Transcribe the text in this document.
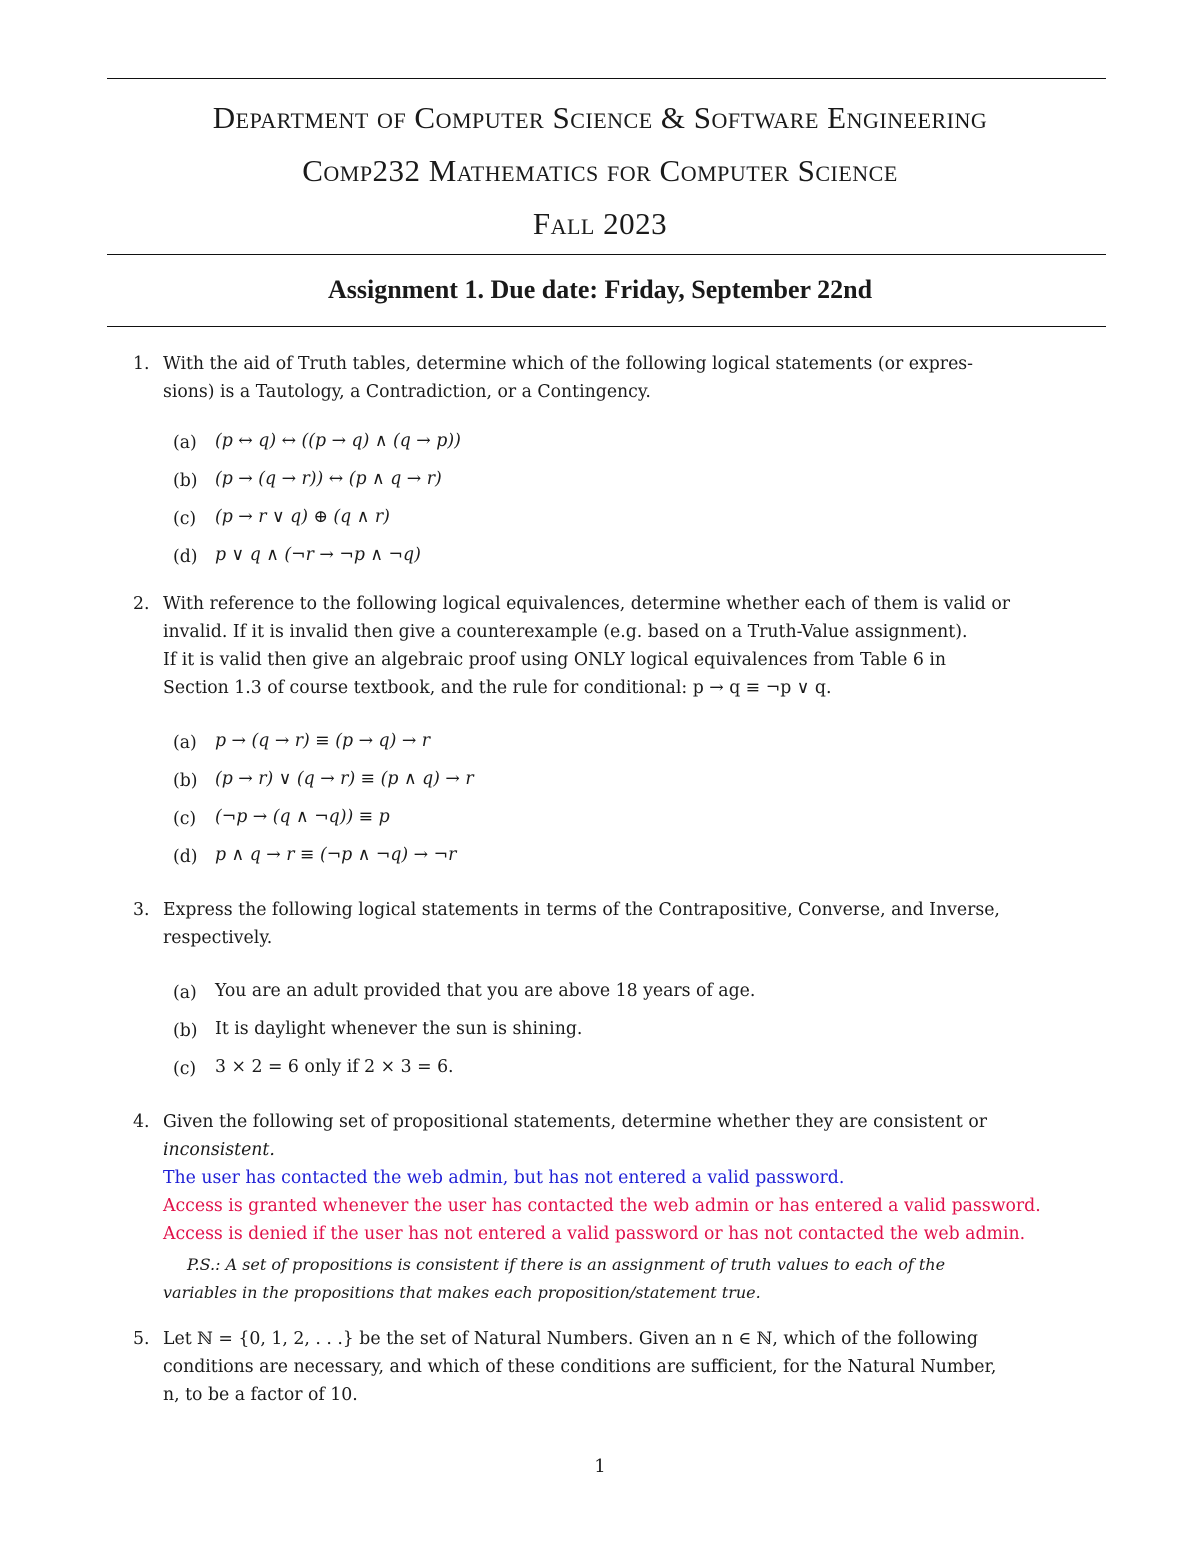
Department of Computer Science & Software Engineering
Comp232 Mathematics for Computer Science
Fall 2023
Assignment 1. Due date: Friday, September 22nd
1. With the aid of Truth tables, determine which of the following logical statements (or expres-
sions) is a Tautology, a Contradiction, or a Contingency.
(a) (p ↔ q) ↔ ((p → q) ∧ (q → p))
(b) (p → (q → r)) ↔ (p ∧ q → r)
(c) (p → r ∨ q) ⊕ (q ∧ r)
(d) p ∨ q ∧ (¬r → ¬p ∧ ¬q)
2. With reference to the following logical equivalences, determine whether each of them is valid or
invalid. If it is invalid then give a counterexample (e.g. based on a Truth-Value assignment).
If it is valid then give an algebraic proof using ONLY logical equivalences from Table 6 in
Section 1.3 of course textbook, and the rule for conditional: p → q ≡ ¬p ∨ q.
(a) p → (q → r) ≡ (p → q) → r
(b) (p → r) ∨ (q → r) ≡ (p ∧ q) → r
(c) (¬p → (q ∧ ¬q)) ≡ p
(d) p ∧ q → r ≡ (¬p ∧ ¬q) → ¬r
3. Express the following logical statements in terms of the Contrapositive, Converse, and Inverse,
respectively.
(a) You are an adult provided that you are above 18 years of age.
(b) It is daylight whenever the sun is shining.
(c) 3 × 2 = 6 only if 2 × 3 = 6.
4. Given the following set of propositional statements, determine whether they are consistent or
inconsistent.
The user has contacted the web admin, but has not entered a valid password.
Access is granted whenever the user has contacted the web admin or has entered a valid password.
Access is denied if the user has not entered a valid password or has not contacted the web admin.
P.S.: A set of propositions is consistent if there is an assignment of truth values to each of the
variables in the propositions that makes each proposition/statement true.
5. Let ℕ = {0, 1, 2, . . .} be the set of Natural Numbers. Given an n ∈ ℕ, which of the following
conditions are necessary, and which of these conditions are sufficient, for the Natural Number,
n, to be a factor of 10.
1
